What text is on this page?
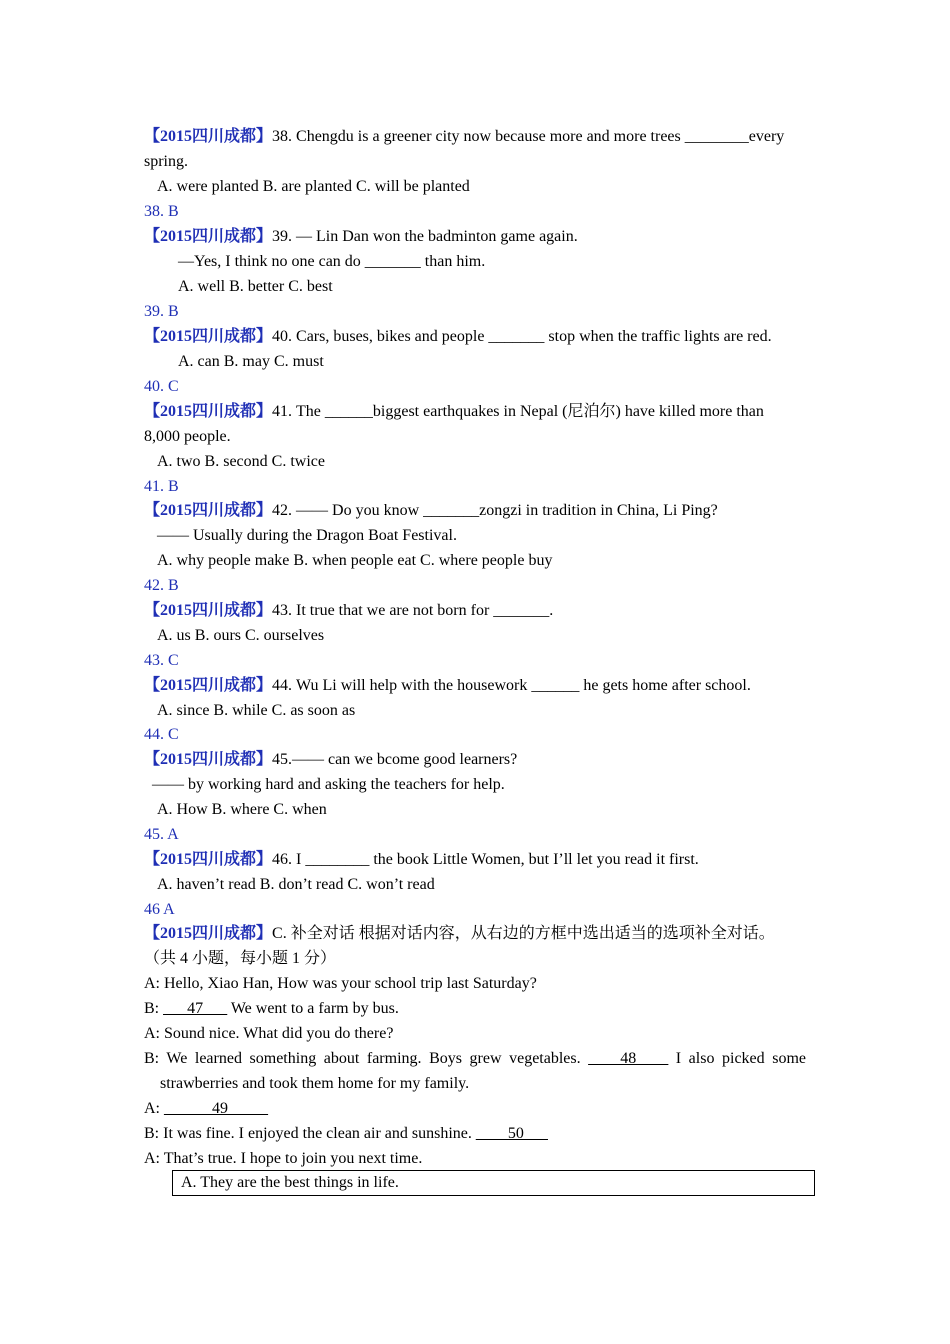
【2015四川成都】38. Chengdu is a greener city now because more and more trees ________every
spring.
A. were planted B. are planted C. will be planted
38. B
【2015四川成都】39. — Lin Dan won the badminton game again.
—Yes, I think no one can do _______ than him.
A. well B. better C. best
39. B
【2015四川成都】40. Cars, buses, bikes and people _______ stop when the traffic lights are red.
A. can B. may C. must
40. C
【2015四川成都】41. The ______biggest earthquakes in Nepal (尼泊尔) have killed more than
8,000 people.
A. two B. second C. twice
41. B
【2015四川成都】42. —— Do you know _______zongzi in tradition in China, Li Ping?
—— Usually during the Dragon Boat Festival.
A. why people make B. when people eat C. where people buy
42. B
【2015四川成都】43. It true that we are not born for _______.
A. us B. ours C. ourselves
43. C
【2015四川成都】44. Wu Li will help with the housework ______ he gets home after school.
A. since B. while C. as soon as
44. C
【2015四川成都】45.—— can we bcome good learners?
—— by working hard and asking the teachers for help.
A. How B. where C. when
45. A
【2015四川成都】46. I ________ the book Little Women, but I’ll let you read it first.
A. haven’t read B. don’t read C. won’t read
46 A
【2015四川成都】C. 补全对话 根据对话内容，从右边的方框中选出适当的选项补全对话。
（共 4 小题，每小题 1 分）
A: Hello, Xiao Han, How was your school trip last Saturday?
B: ___47___ We went to a farm by bus.
A: Sound nice. What did you do there?
B: We learned something about farming. Boys grew vegetables. ____48____ I also picked some
strawberries and took them home for my family.
A: ______49_____
B: It was fine. I enjoyed the clean air and sunshine. ____50___
A: That’s true. I hope to join you next time.
A. They are the best things in life.
